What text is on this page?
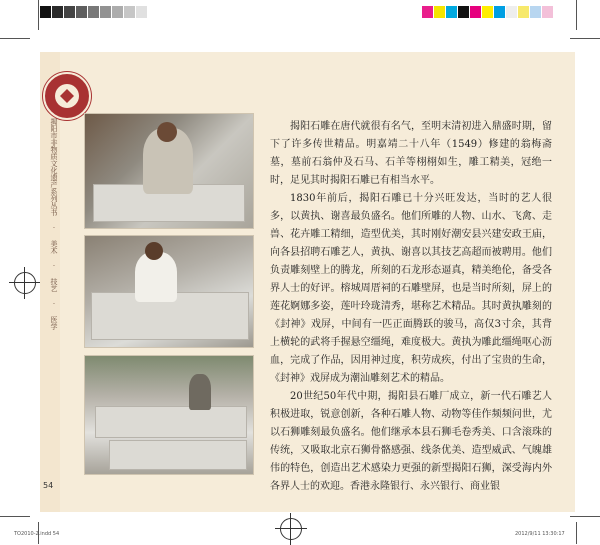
揭阳市非物质文化遗产系列丛书 · 美术 · 技艺 · 医学	揭阳石雕在唐代就很有名气，至明末清初进入鼎盛时期，留下了许多传世精品。明嘉靖二十八年（1549）修建的翁梅斋墓，墓前石翁仲及石马、石羊等栩栩如生，雕工精美，冠绝一时，足见其时揭阳石雕已有相当水平。

1830年前后，揭阳石雕已十分兴旺发达，当时的艺人很多，以黄执、谢喜最负盛名。他们所雕的人物、山水、飞禽、走兽、花卉雕工精细，造型优美，其时刚好潮安县兴建安政王庙，向各县招聘石雕艺人，黄执、谢喜以其技艺高超而被聘用。他们负责雕刻壁上的腾龙，所刻的石龙形态逼真，精美绝伦，备受各界人士的好评。榕城周厝祠的石雕壁屏，也是当时所刻，屏上的莲花婀娜多姿，莲叶玲珑清秀，堪称艺术精品。其时黄执雕刻的《封神》戏屏，中间有一匹正面腾跃的骏马，高仅3寸余，其背上横轮的武将手握悬空缰绳，难度极大。黄执为雕此缰绳呕心沥血，完成了作品，因用神过度，积劳成疾，付出了宝贵的生命，《封神》戏屏成为潮汕雕刻艺术的精品。

20世纪50年代中期，揭阳县石雕厂成立，新一代石雕艺人积极进取，锐意创新，各种石雕人物、动物等佳作频频问世，尤以石狮雕刻最负盛名。他们继承本县石狮毛卷秀美、口含滚珠的传统，又吸取北京石狮骨骼感强、线条优美、造型威武、气魄雄伟的特色，创造出艺术感染力更强的新型揭阳石狮，深受海内外各界人士的欢迎。香港永隆银行、永兴银行、商业银

54
TO2010-2.indd 54	2012/9/11 13:30:17
